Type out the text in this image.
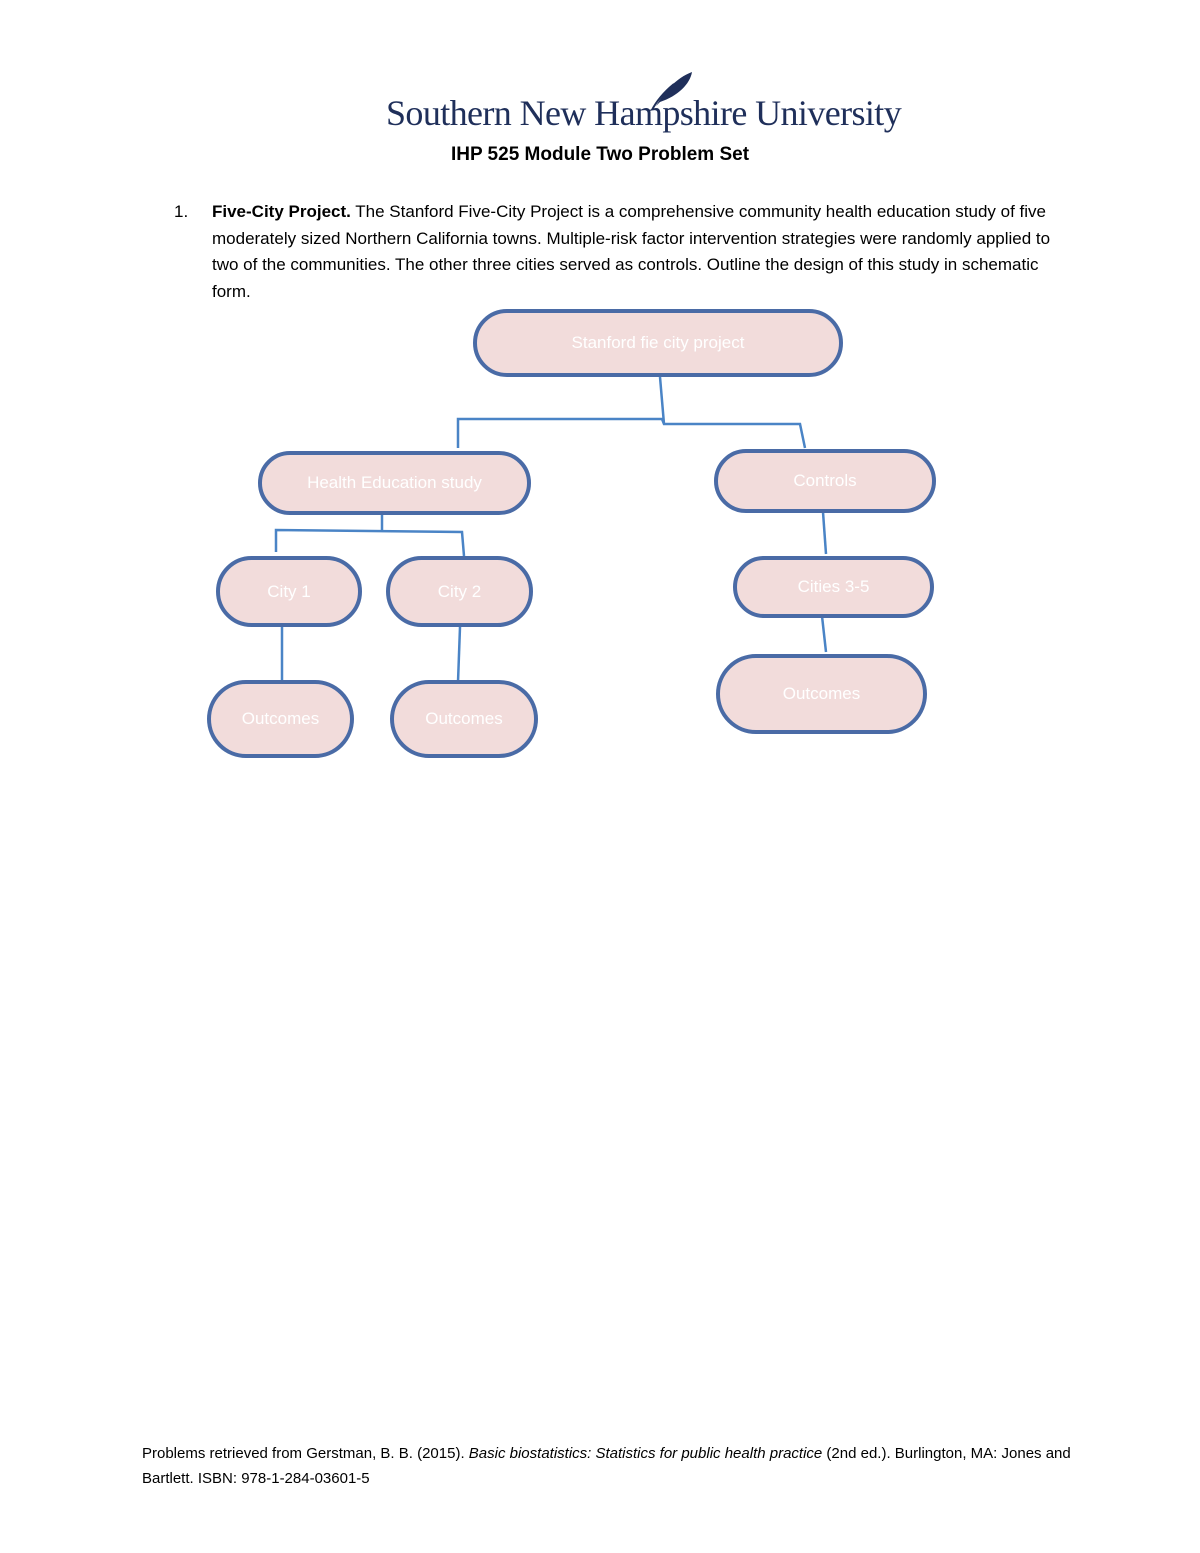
Southern New Hampshire University
IHP 525 Module Two Problem Set
1. Five-City Project. The Stanford Five-City Project is a comprehensive community health education study of five moderately sized Northern California towns. Multiple-risk factor intervention strategies were randomly applied to two of the communities. The other three cities served as controls. Outline the design of this study in schematic form.
Stanford fie city project
Health Education study	Controls
City 1	City 2	Cities 3-5
Outcomes	Outcomes
Outcomes
Problems retrieved from Gerstman, B. B. (2015). Basic biostatistics: Statistics for public health practice (2nd ed.). Burlington, MA: Jones and Bartlett. ISBN: 978-1-284-03601-5
